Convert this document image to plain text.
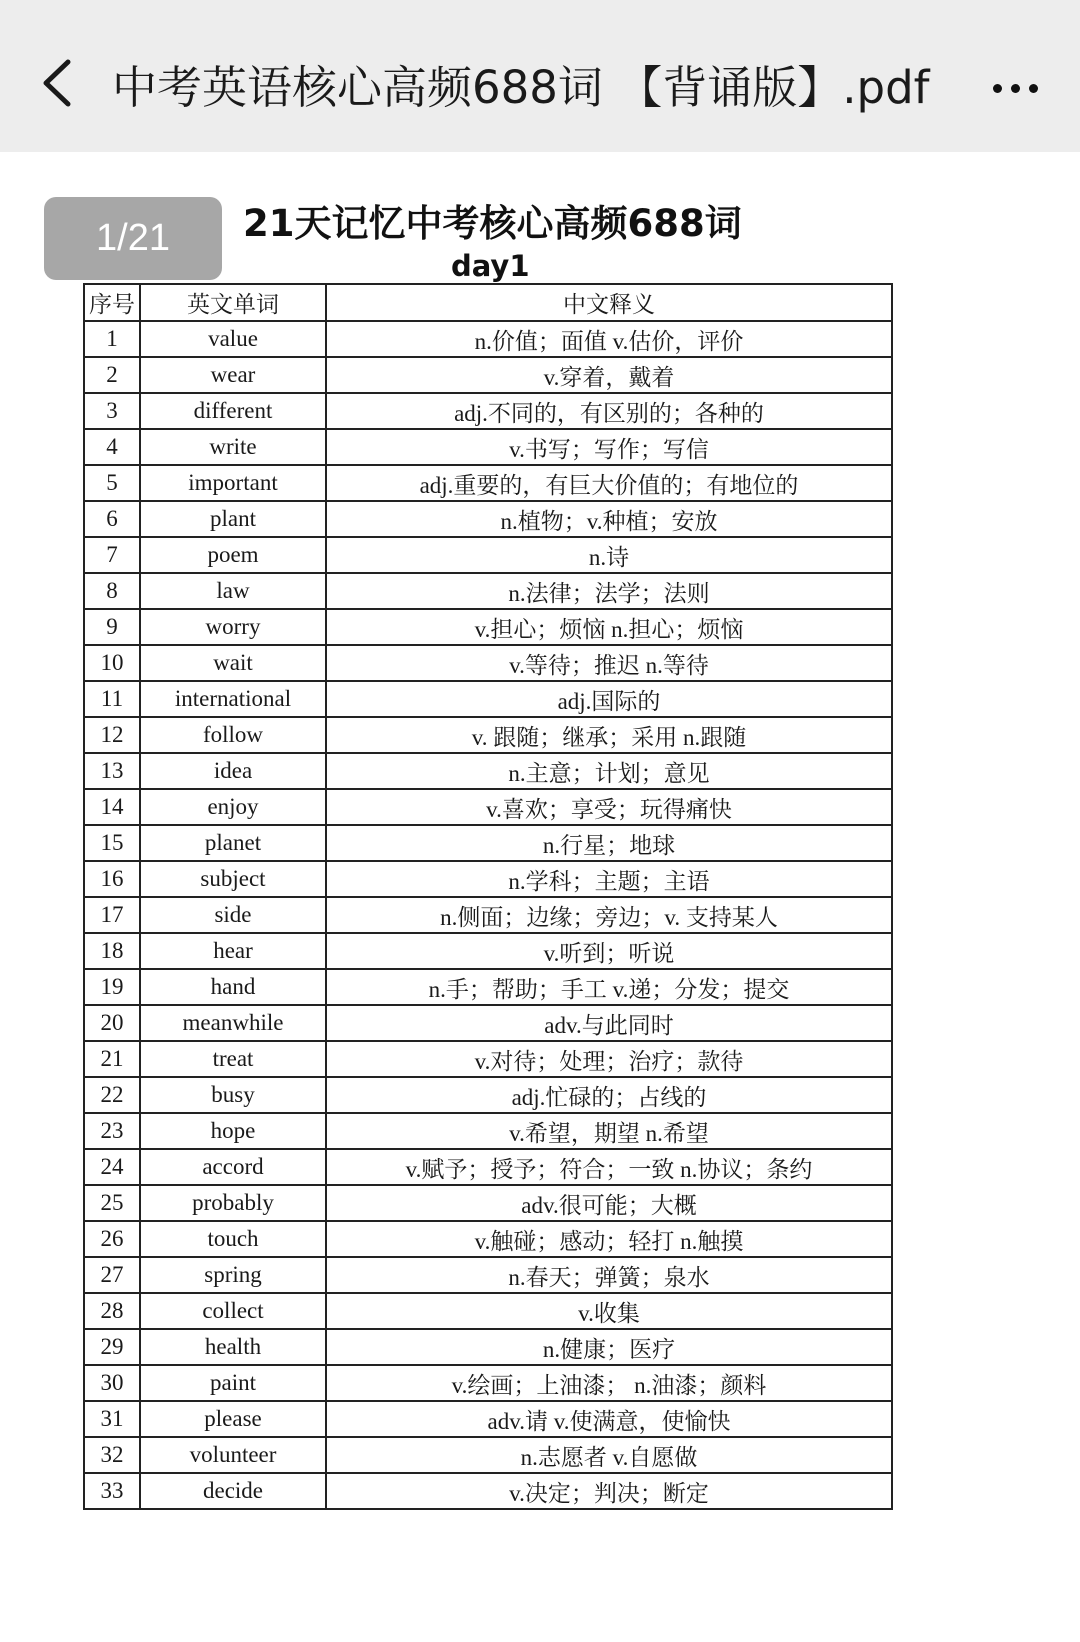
中考英语核心高频688词 【背诵版】.pdf
1/21	21天记忆中考核心高频688词
day1
序号	英文单词	中文释义
1	value	n.价值；面值 v.估价，评价
2	wear	v.穿着，戴着
3	different	adj.不同的，有区别的；各种的
4	write	v.书写；写作；写信
5	important	adj.重要的，有巨大价值的；有地位的
6	plant	n.植物；v.种植；安放
7	poem	n.诗
8	law	n.法律；法学；法则
9	worry	v.担心；烦恼 n.担心；烦恼
10	wait	v.等待；推迟 n.等待
11	international	adj.国际的
12	follow	v. 跟随；继承；采用 n.跟随
13	idea	n.主意；计划；意见
14	enjoy	v.喜欢；享受；玩得痛快
15	planet	n.行星；地球
16	subject	n.学科；主题；主语
17	side	n.侧面；边缘；旁边；v. 支持某人
18	hear	v.听到；听说
19	hand	n.手；帮助；手工 v.递；分发；提交
20	meanwhile	adv.与此同时
21	treat	v.对待；处理；治疗；款待
22	busy	adj.忙碌的；占线的
23	hope	v.希望，期望 n.希望
24	accord	v.赋予；授予；符合；一致 n.协议；条约
25	probably	adv.很可能；大概
26	touch	v.触碰；感动；轻打 n.触摸
27	spring	n.春天；弹簧；泉水
28	collect	v.收集
29	health	n.健康；医疗
30	paint	v.绘画；上油漆； n.油漆；颜料
31	please	adv.请 v.使满意，使愉快
32	volunteer	n.志愿者 v.自愿做
33	decide	v.决定；判决；断定
